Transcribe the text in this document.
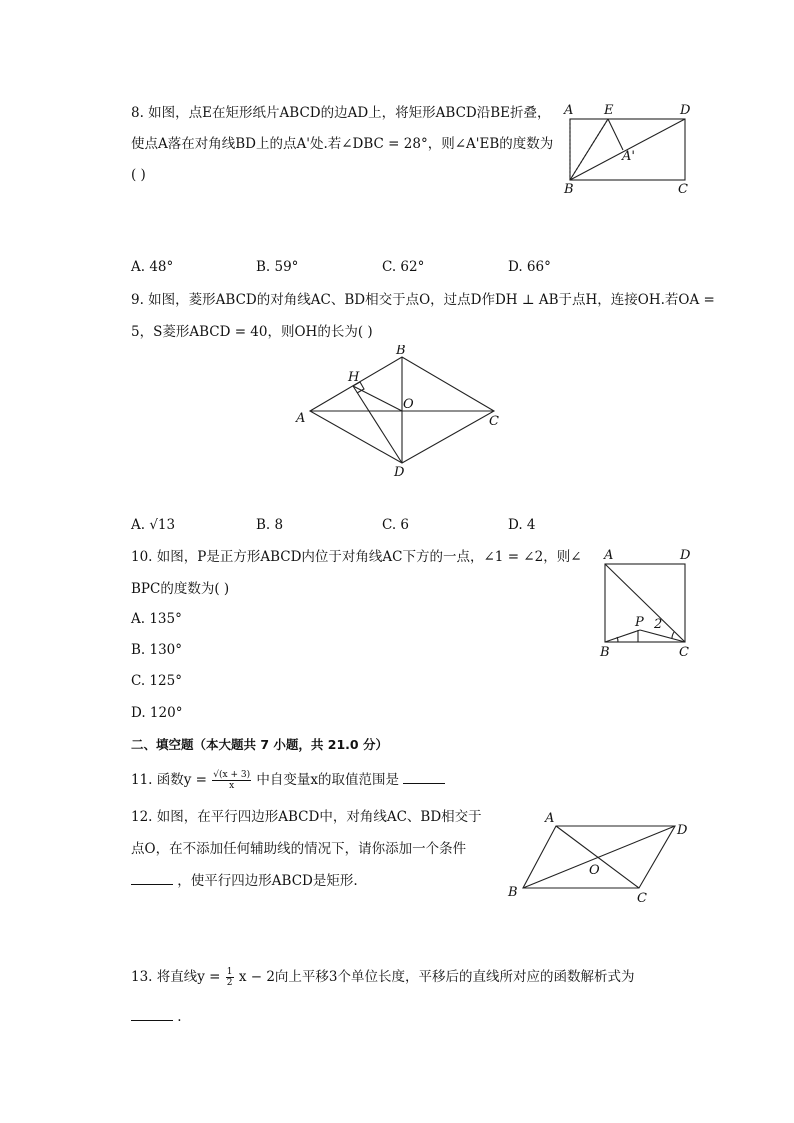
8. 如图，点E在矩形纸片ABCD的边AD上，将矩形ABCD沿BE折叠，
使点A落在对角线BD上的点A'处.若∠DBC = 28°，则∠A'EB的度数为
( )
A E	D
A'
B	C
A. 48°	B. 59°	C. 62°	D. 66°
9. 如图，菱形ABCD的对角线AC、BD相交于点O，过点D作DH ⊥ AB于点H，连接OH.若OA =
5，S菱形ABCD = 40，则OH的长为( )
B
H
A
O
C
D
A. √13	B. 8	C. 6	D. 4
10. 如图，P是正方形ABCD内位于对角线AC下方的一点，∠1 = ∠2，则∠
BPC的度数为( )
A	D
P 2
B	C
A. 135°
B. 130°
C. 125°
D. 120°
二、填空题（本大题共 7 小题，共 21.0 分）
11. 函数$y = \frac{√(x + 3)}{x}$ 中自变量x的取值范围是
12. 如图，在平行四边形ABCD中，对角线AC、BD相交于
点O，在不添加任何辅助线的情况下，请你添加一个条件
，使平行四边形ABCD是矩形.
A
D
O
B	C
13. 将直线$y = \frac{1}{2}$ x − 2向上平移3个单位长度，平移后的直线所对应的函数解析式为
.
